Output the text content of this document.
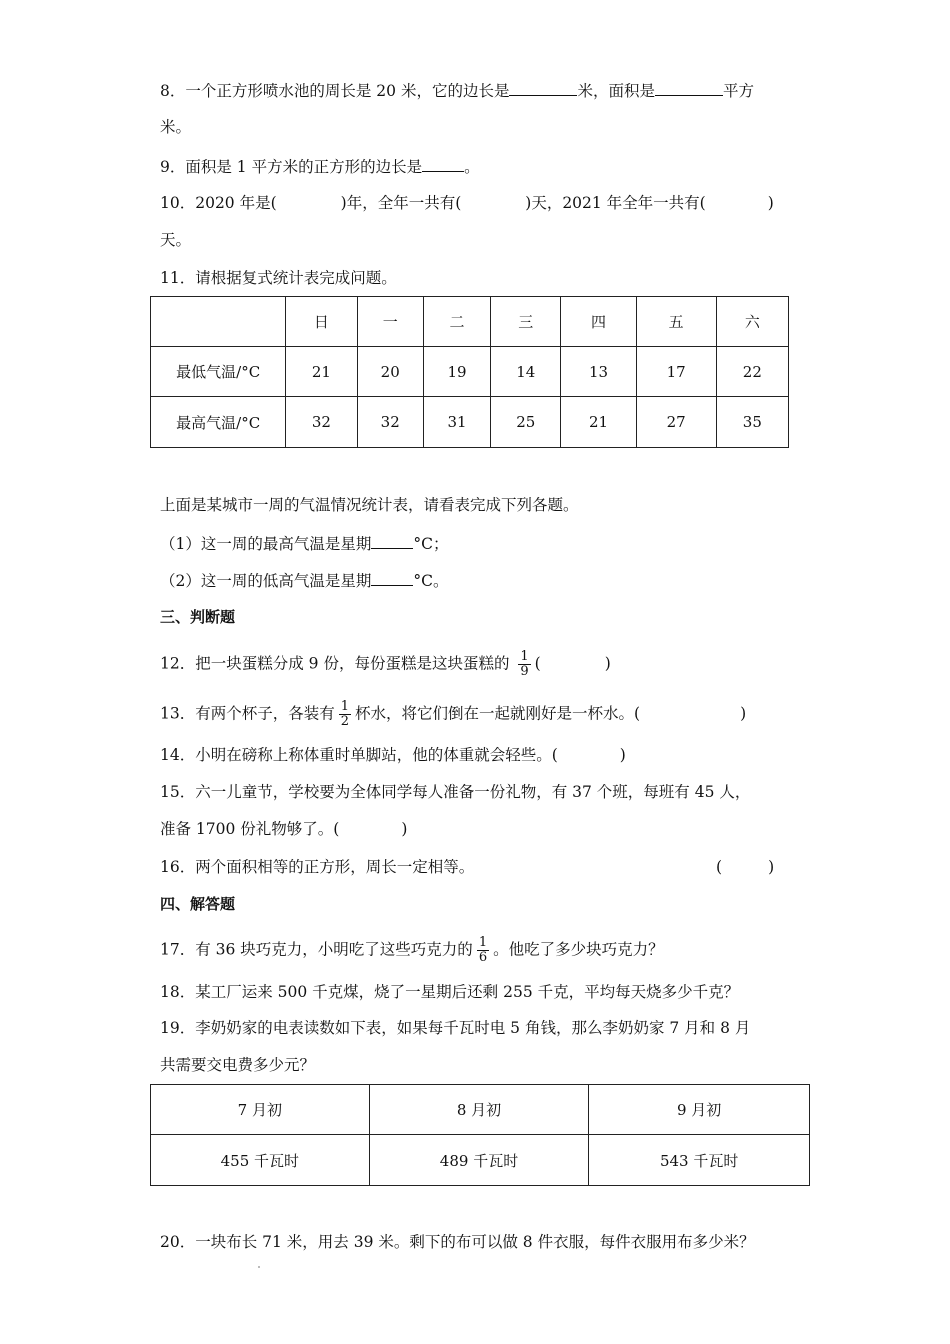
8．一个正方形喷水池的周长是 20 米，它的边长是	米，面积是	平方
米。
9．面积是 1 平方米的正方形的边长是	。
10．2020 年是(	)年，全年一共有(	)天，2021 年全年一共有(	)
天。
11．请根据复式统计表完成问题。
	日	一	二	三	四	五	六
最低气温/°C	21	20	19	14	13	17	22
最高气温/°C	32	32	31	25	21	27	35
上面是某城市一周的气温情况统计表，请看表完成下列各题。
（1）这一周的最高气温是星期	°C；
（2）这一周的低高气温是星期	°C。
三、判断题
12．把一块蛋糕分成 9 份，每份蛋糕是这块蛋糕的 $\frac{1}{9}$ (	)
13．有两个杯子，各装有 $\frac{1}{2}$ 杯水，将它们倒在一起就刚好是一杯水。(	)
14．小明在磅称上称体重时单脚站，他的体重就会轻些。(	)
15．六一儿童节，学校要为全体同学每人准备一份礼物，有 37 个班，每班有 45 人，
准备 1700 份礼物够了。(	)
16．两个面积相等的正方形，周长一定相等。	(	)
四、解答题
17．有 36 块巧克力，小明吃了这些巧克力的 $\frac{1}{6}$ 。他吃了多少块巧克力？
18．某工厂运来 500 千克煤，烧了一星期后还剩 255 千克，平均每天烧多少千克？
19．李奶奶家的电表读数如下表，如果每千瓦时电 5 角钱，那么李奶奶家 7 月和 8 月
共需要交电费多少元？
7 月初	8 月初	9 月初
455 千瓦时	489 千瓦时	543 千瓦时
20．一块布长 71 米，用去 39 米。剩下的布可以做 8 件衣服，每件衣服用布多少米？
